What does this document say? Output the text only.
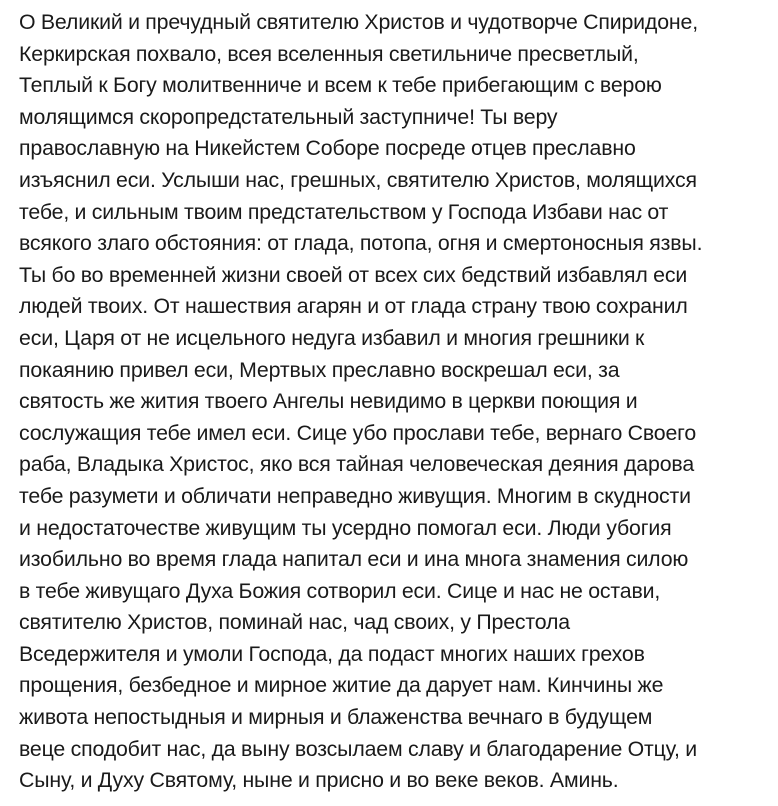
О Великий и пречудный святителю Христов и чудотворче Спиридоне,
Керкирская похвало, всея вселенныя светильниче пресветлый,
Теплый к Богу молитвенниче и всем к тебе прибегающим с верою
молящимся скоропредстательный заступниче! Ты веру
православную на Никейстем Соборе посреде отцев преславно
изъяснил еси. Услыши нас, грешных, святителю Христов, молящихся
тебе, и сильным твоим предстательством у Господа Избави нас от
всякого злаго обстояния: от глада, потопа, огня и смертоносныя язвы.
Ты бо во временней жизни своей от всех сих бедствий избавлял еси
людей твоих. От нашествия агарян и от глада страну твою сохранил
еси, Царя от не исцельного недуга избавил и многия грешники к
покаянию привел еси, Мертвых преславно воскрешал еси, за
святость же жития твоего Ангелы невидимо в церкви поющия и
сослужащия тебе имел еси. Сице убо прослави тебе, вернаго Своего
раба, Владыка Христос, яко вся тайная человеческая деяния дарова
тебе разумети и обличати неправедно живущия. Многим в скудности
и недостаточестве живущим ты усердно помогал еси. Люди убогия
изобильно во время глада напитал еси и ина многа знамения силою
в тебе живущаго Духа Божия сотворил еси. Сице и нас не остави,
святителю Христов, поминай нас, чад своих, у Престола
Вседержителя и умоли Господа, да подаст многих наших грехов
прощения, безбедное и мирное житие да дарует нам. Кинчины же
живота непостыдныя и мирныя и блаженства вечнаго в будущем
веце сподобит нас, да выну возсылаем славу и благодарение Отцу, и
Сыну, и Духу Святому, ныне и присно и во веке веков. Аминь.
